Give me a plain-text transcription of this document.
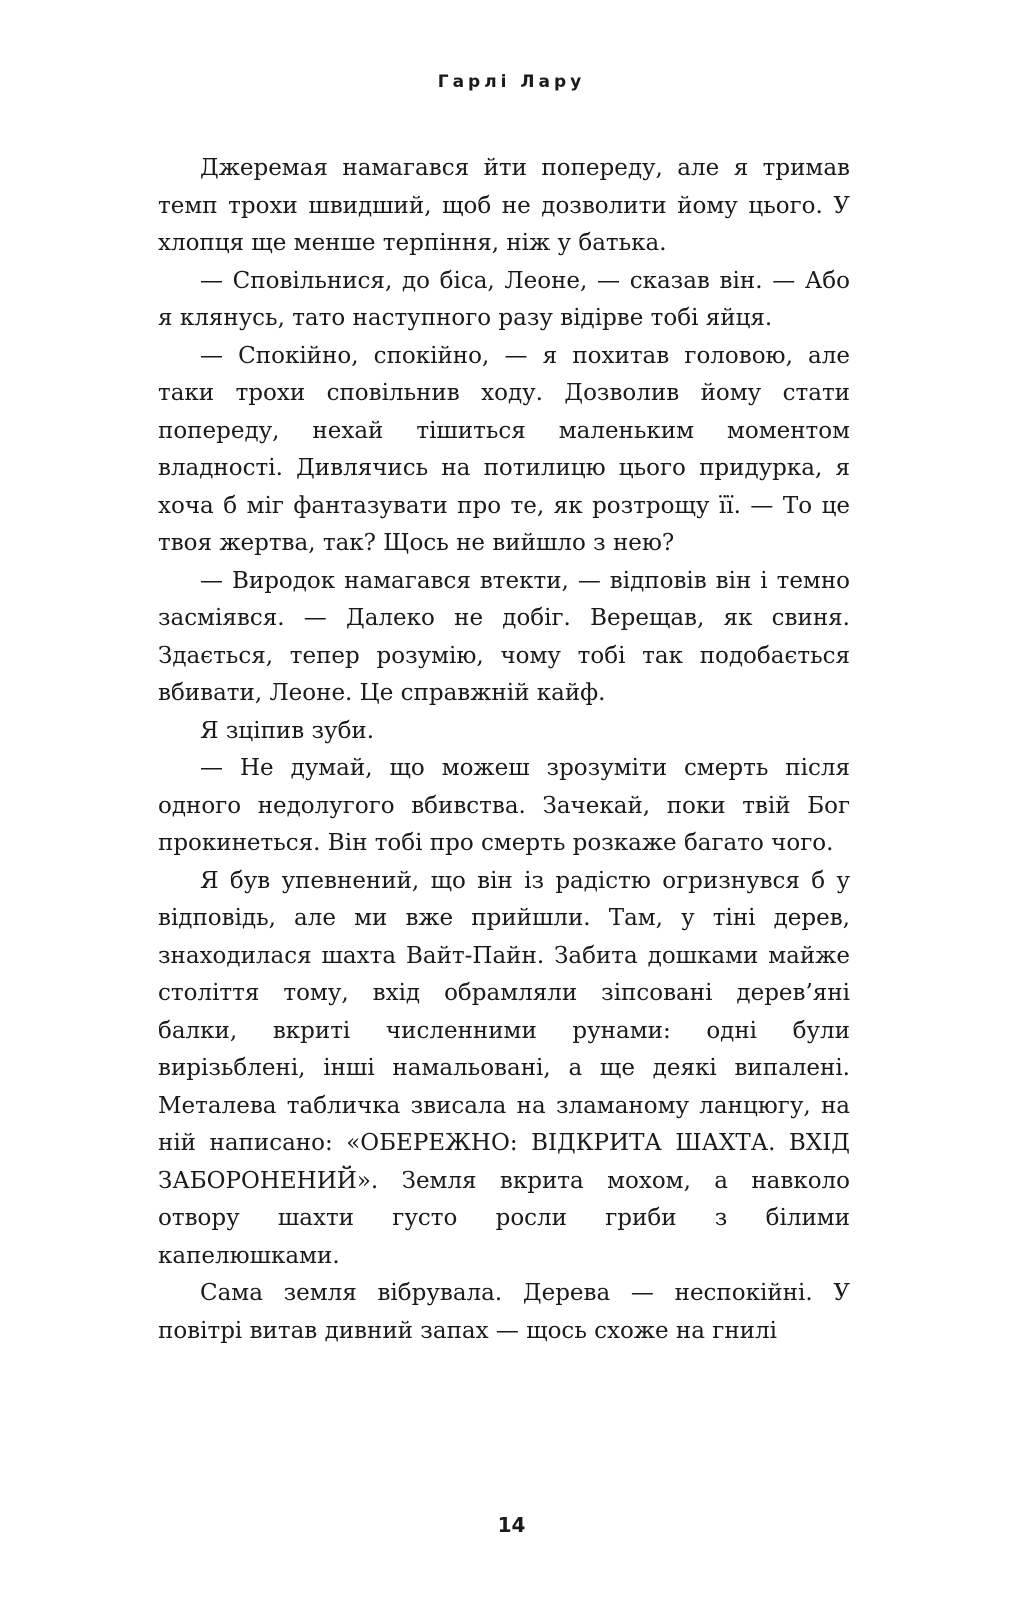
Гарлі Лару

Джеремая намагався йти попереду, але я тримав темп трохи швидший, щоб не дозволити йому цього. У хлопця ще менше терпіння, ніж у батька.

— Сповільнися, до біса, Леоне, — сказав він. — Або я клянусь, тато наступного разу відірве тобі яйця.

— Спокійно, спокійно, — я похитав головою, але таки трохи сповільнив ходу. Дозволив йому стати попереду, нехай тішиться маленьким моментом владності. Дивлячись на потилицю цього придурка, я хоча б міг фантазувати про те, як розтрощу її. — То це твоя жертва, так? Щось не вийшло з нею?

— Виродок намагався втекти, — відповів він і темно засміявся. — Далеко не добіг. Верещав, як свиня. Здається, тепер розумію, чому тобі так подобається вбивати, Леоне. Це справжній кайф.

Я зціпив зуби.

— Не думай, що можеш зрозуміти смерть після одного недолугого вбивства. Зачекай, поки твій Бог прокинеться. Він тобі про смерть розкаже багато чого.

Я був упевнений, що він із радістю огризнувся б у відповідь, але ми вже прийшли. Там, у тіні дерев, знаходилася шахта Вайт-Пайн. Забита дошками майже століття тому, вхід обрамляли зіпсовані дерев’яні балки, вкриті численними рунами: одні були вирізьблені, інші намальовані, а ще деякі випалені. Металева табличка звисала на зламаному ланцюгу, на ній написано: «ОБЕРЕЖНО: ВІДКРИТА ШАХТА. ВХІД ЗАБОРОНЕНИЙ». Земля вкрита мохом, а навколо отвору шахти густо росли гриби з білими капелюшками.

Сама земля вібрувала. Дерева — неспокійні. У повітрі витав дивний запах — щось схоже на гнилі

14
